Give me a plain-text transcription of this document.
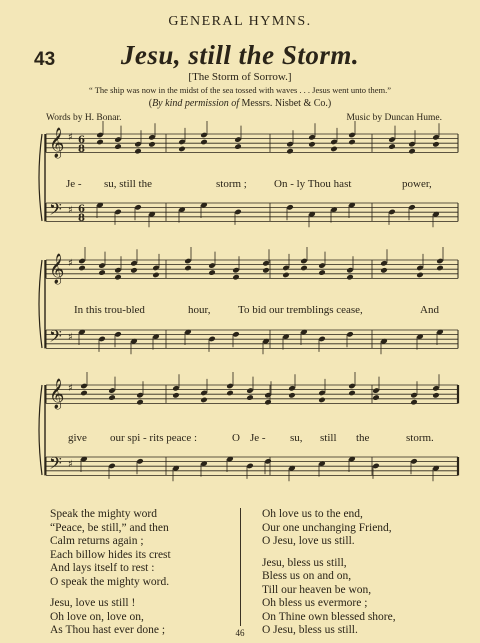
GENERAL HYMNS.
43	Jesu, still the Storm.
[The Storm of Sorrow.]
“ The ship was now in the midst of the sea tossed with waves . . . Jesus went unto them.”
(By kind permission of Messrs. Nisbet & Co.)
Words by H. Bonar.	Music by Duncan Hume.
𝄞
𝄢
♯
♯
6
8
6
8
𝄞
𝄢
♯
♯
𝄞
𝄢
♯
♯
Je - su, still the	storm ; On - ly Thou hast	power,
In this trou-bled	hour,	To bid our tremblings cease,	And
give our spi - rits peace :	O Je - su, still the	storm.
Speak the mighty word
“Peace, be still,” and then
Calm returns again ;
Each billow hides its crest
And lays itself to rest :
O speak the mighty word.
Jesu, love us still !
Oh love on, love on,
As Thou hast ever done ;
Oh love us to the end,
Our one unchanging Friend,
O Jesu, love us still.
Jesu, bless us still,
Bless us on and on,
Till our heaven be won,
Oh bless us evermore ;
On Thine own blessed shore,
O Jesu, bless us still.
46
